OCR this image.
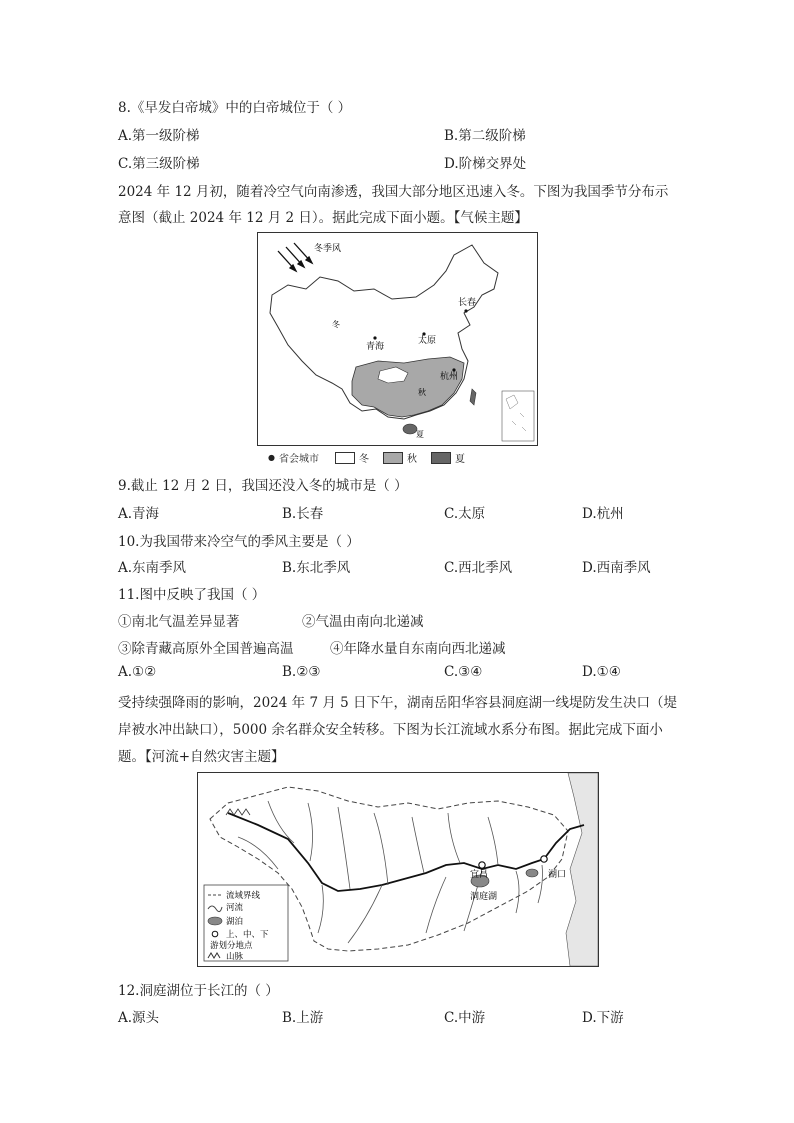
8.《早发白帝城》中的白帝城位于（ ）
A.第一级阶梯	B.第二级阶梯
C.第三级阶梯	D.阶梯交界处
2024 年 12 月初，随着冷空气向南渗透，我国大部分地区迅速入冬。下图为我国季节分布示
意图（截止 2024 年 12 月 2 日）。据此完成下面小题。【气候主题】
冬季风
冬
秋
夏
青海
太原
长春
杭州
● 省会城市	冬	秋	夏
9.截止 12 月 2 日，我国还没入冬的城市是（ ）
A.青海	B.长春	C.太原	D.杭州
10.为我国带来冷空气的季风主要是（ ）
A.东南季风	B.东北季风	C.西北季风	D.西南季风
11.图中反映了我国（ ）
①南北气温差异显著	②气温由南向北递减
③除青藏高原外全国普遍高温	④年降水量自东南向西北递减
A.①②	B.②③	C.③④	D.①④
受持续强降雨的影响，2024 年 7 月 5 日下午，湖南岳阳华容县洞庭湖一线堤防发生决口（堤
岸被水冲出缺口），5000 余名群众安全转移。下图为长江流域水系分布图。据此完成下面小
题。【河流+自然灾害主题】
宜昌	湖口
洞庭湖
流域界线
河流
湖泊
上、中、下
游划分地点
山脉
12.洞庭湖位于长江的（ ）
A.源头	B.上游	C.中游	D.下游
